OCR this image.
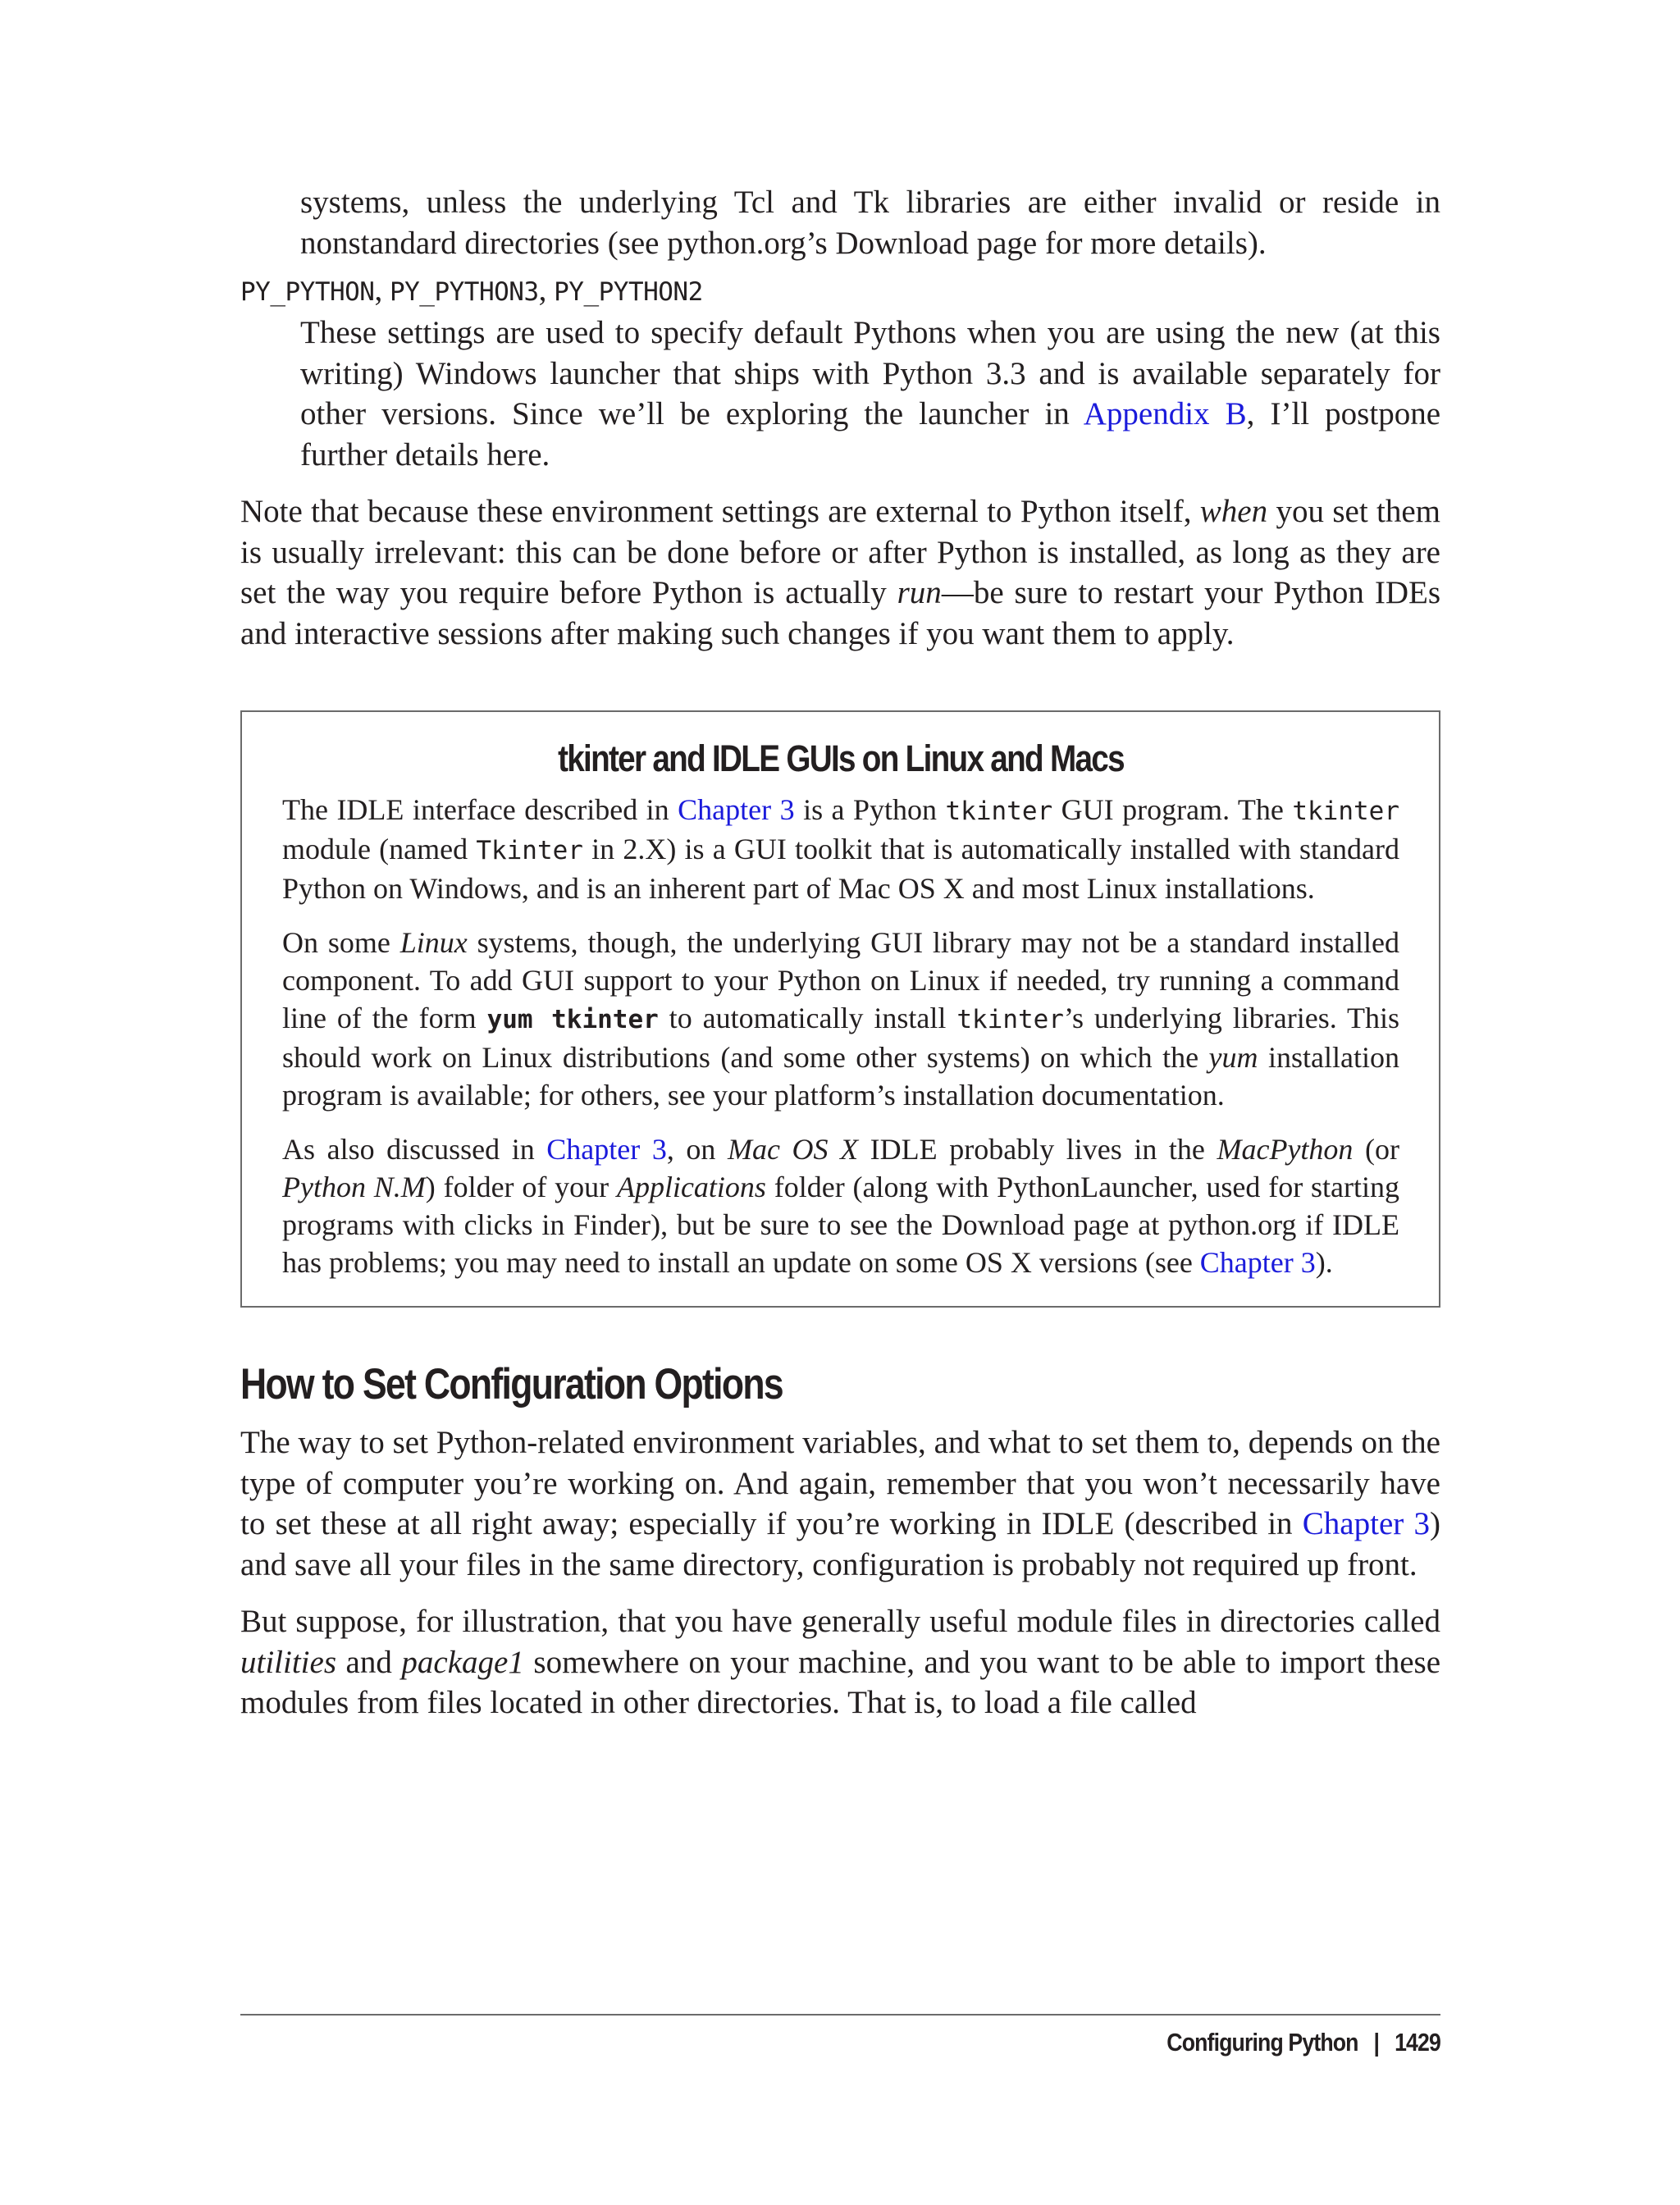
systems, unless the underlying Tcl and Tk libraries are either invalid or reside in nonstandard directories (see python.org’s Download page for more details).

PY_PYTHON, PY_PYTHON3, PY_PYTHON2

These settings are used to specify default Pythons when you are using the new (at this writing) Windows launcher that ships with Python 3.3 and is available separately for other versions. Since we’ll be exploring the launcher in Appendix B, I’ll postpone further details here.

Note that because these environment settings are external to Python itself, when you set them is usually irrelevant: this can be done before or after Python is installed, as long as they are set the way you require before Python is actually run—be sure to restart your Python IDEs and interactive sessions after making such changes if you want them to apply.

tkinter and IDLE GUIs on Linux and Macs

The IDLE interface described in Chapter 3 is a Python tkinter GUI program. The tkinter module (named Tkinter in 2.X) is a GUI toolkit that is automatically installed with standard Python on Windows, and is an inherent part of Mac OS X and most Linux installations.

On some Linux systems, though, the underlying GUI library may not be a standard installed component. To add GUI support to your Python on Linux if needed, try running a command line of the form yum tkinter to automatically install tkinter’s underlying libraries. This should work on Linux distributions (and some other systems) on which the yum installation program is available; for others, see your platform’s installation documentation.

As also discussed in Chapter 3, on Mac OS X IDLE probably lives in the MacPython (or Python N.M) folder of your Applications folder (along with PythonLauncher, used for starting programs with clicks in Finder), but be sure to see the Download page at python.org if IDLE has problems; you may need to install an update on some OS X versions (see Chapter 3).

How to Set Configuration Options

The way to set Python-related environment variables, and what to set them to, depends on the type of computer you’re working on. And again, remember that you won’t necessarily have to set these at all right away; especially if you’re working in IDLE (described in Chapter 3) and save all your files in the same directory, configuration is probably not required up front.

But suppose, for illustration, that you have generally useful module files in directories called utilities and package1 somewhere on your machine, and you want to be able to import these modules from files located in other directories. That is, to load a file called

Configuring Python | 1429
